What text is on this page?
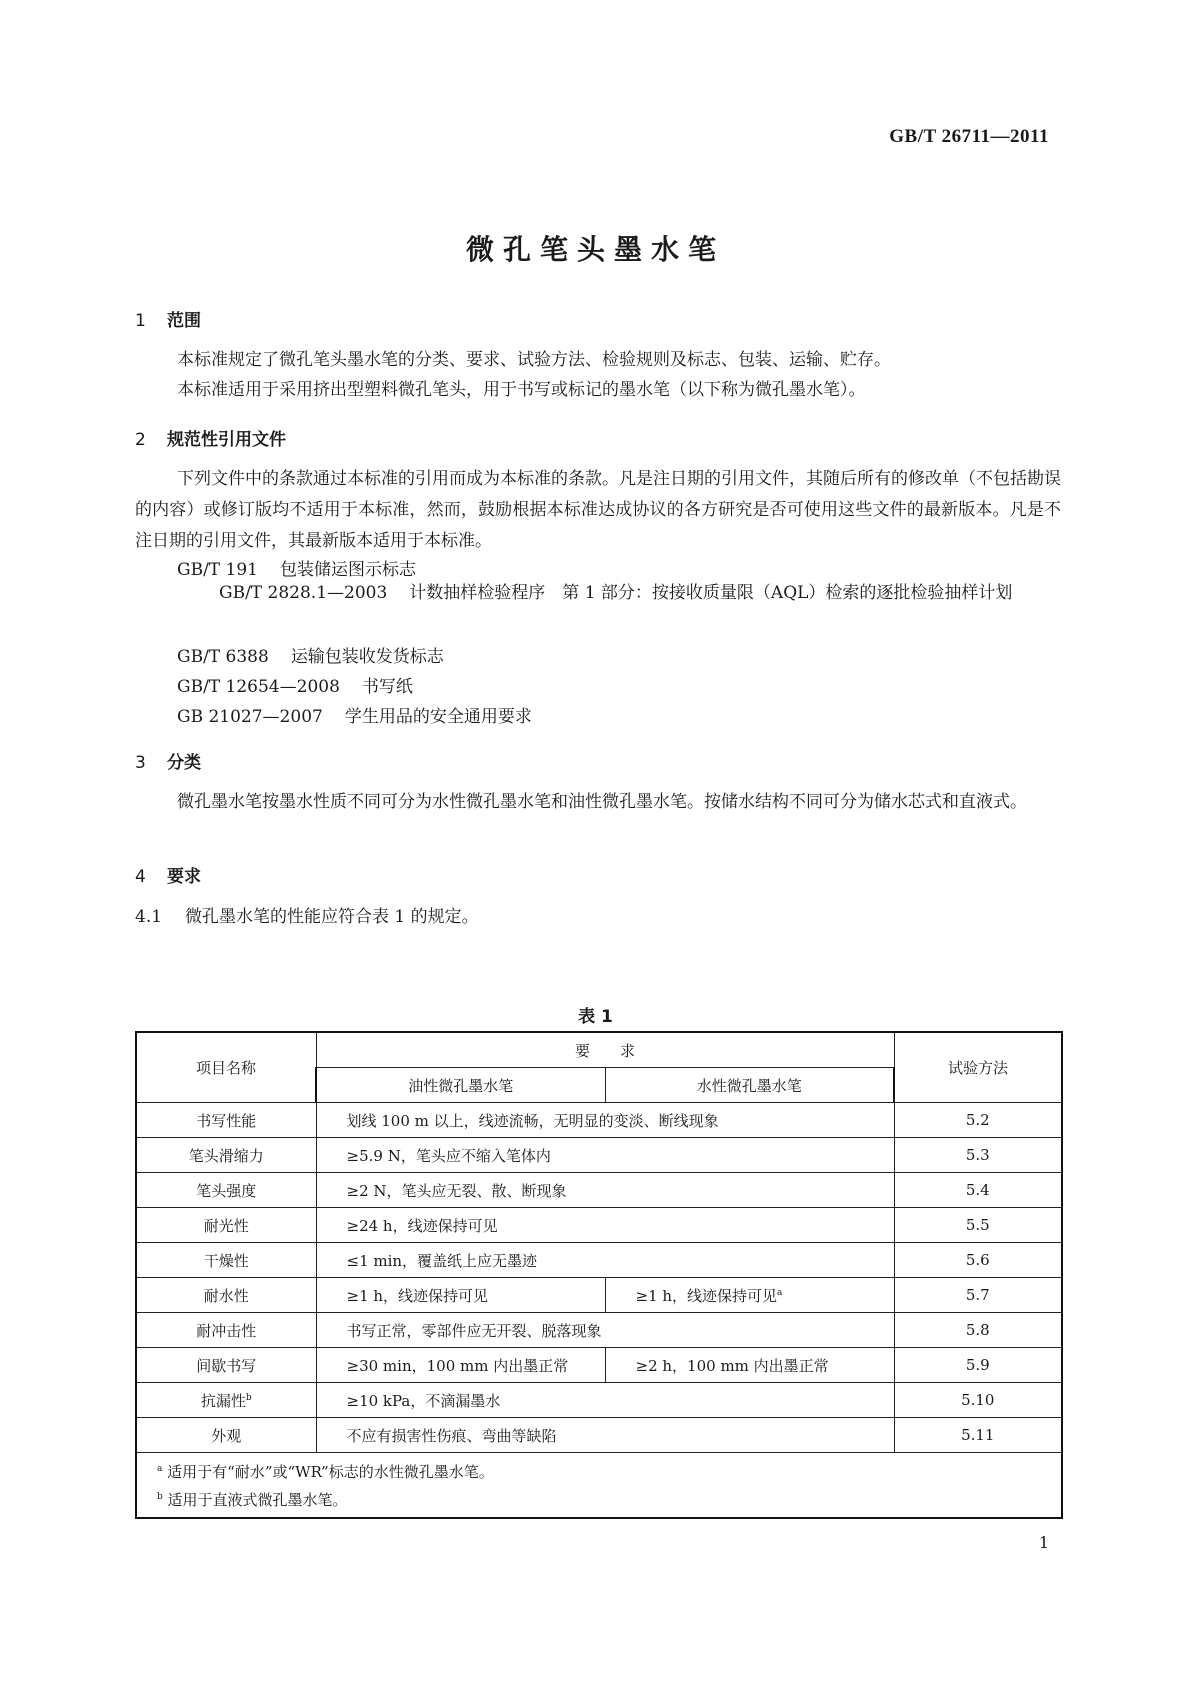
GB/T 26711—2011
微孔笔头墨水笔
1 范围
本标准规定了微孔笔头墨水笔的分类、要求、试验方法、检验规则及标志、包装、运输、贮存。
本标准适用于采用挤出型塑料微孔笔头，用于书写或标记的墨水笔（以下称为微孔墨水笔）。
2 规范性引用文件
下列文件中的条款通过本标准的引用而成为本标准的条款。凡是注日期的引用文件，其随后所有的修改单（不包括勘误的内容）或修订版均不适用于本标准，然而，鼓励根据本标准达成协议的各方研究是否可使用这些文件的最新版本。凡是不注日期的引用文件，其最新版本适用于本标准。
GB/T 191 包装储运图示标志
GB/T 2828.1—2003 计数抽样检验程序　第 1 部分：按接收质量限（AQL）检索的逐批检验抽样计划
GB/T 6388 运输包装收发货标志
GB/T 12654—2008 书写纸
GB 21027—2007 学生用品的安全通用要求
3 分类
微孔墨水笔按墨水性质不同可分为水性微孔墨水笔和油性微孔墨水笔。按储水结构不同可分为储水芯式和直液式。
4 要求
4.1 微孔墨水笔的性能应符合表 1 的规定。
表 1
项目名称	要　　求		试验方法
	油性微孔墨水笔	水性微孔墨水笔	
书写性能	划线 100 m 以上，线迹流畅，无明显的变淡、断线现象		5.2
笔头滑缩力	≥5.9 N，笔头应不缩入笔体内		5.3
笔头强度	≥2 N，笔头应无裂、散、断现象		5.4
耐光性	≥24 h，线迹保持可见		5.5
干燥性	≤1 min，覆盖纸上应无墨迹		5.6
耐水性	≥1 h，线迹保持可见	≥1 h，线迹保持可见$^a$	5.7
耐冲击性	书写正常，零部件应无开裂、脱落现象		5.8
间歇书写	≥30 min，100 mm 内出墨正常	≥2 h，100 mm 内出墨正常	5.9
抗漏性$^b$	≥10 kPa，不滴漏墨水		5.10
外观	不应有损害性伤痕、弯曲等缺陷		5.11

$^a$ 适用于有“耐水”或“WR”标志的水性微孔墨水笔。
$^b$ 适用于直液式微孔墨水笔。			
1
